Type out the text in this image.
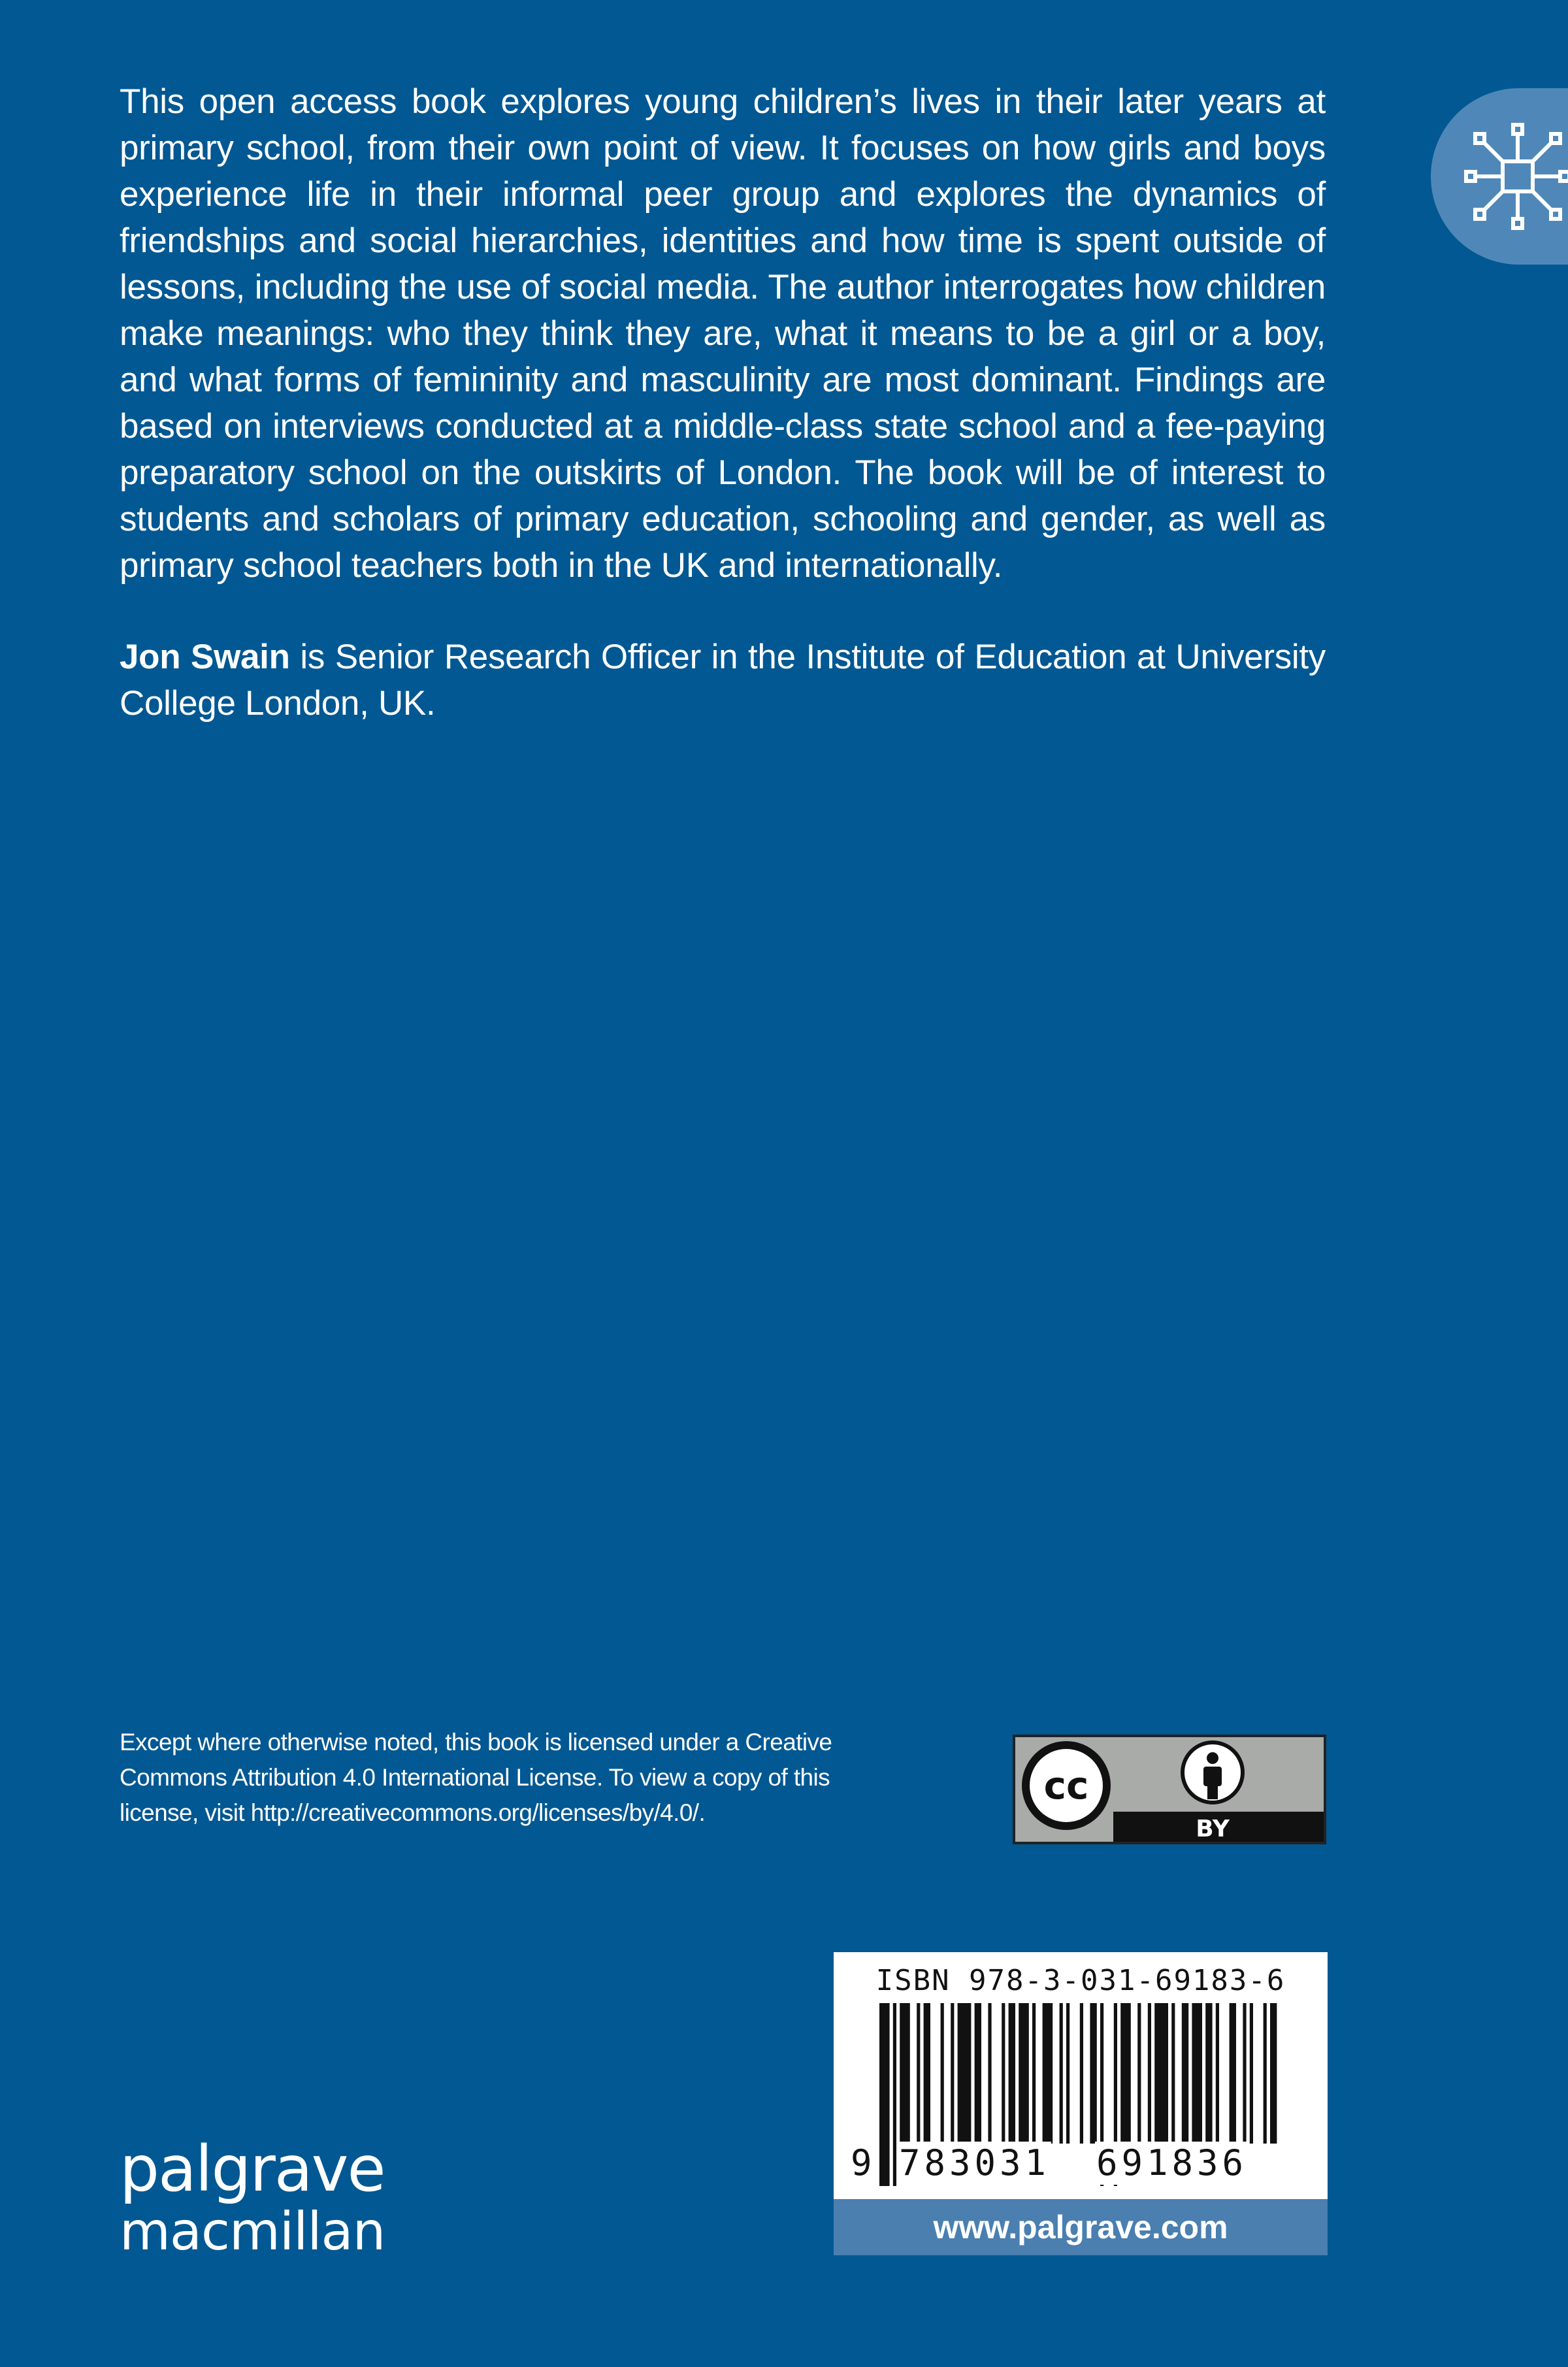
This open access book explores young children’s lives in their later years at primary school, from their own point of view. It focuses on how girls and boys experience life in their informal peer group and explores the dynamics of friendships and social hierarchies, identities and how time is spent outside of lessons, including the use of social media. The author interrogates how children make meanings: who they think they are, what it means to be a girl or a boy, and what forms of femininity and masculinity are most dominant. Findings are based on interviews conducted at a middle-class state school and a fee-paying preparatory school on the outskirts of London. The book will be of interest to students and scholars of primary education, schooling and gender, as well as primary school teachers both in the UK and internationally.

Jon Swain is Senior Research Officer in the Institute of Education at University College London, UK.

Except where otherwise noted, this book is licensed under a Creative Commons Attribution 4.0 International License. To view a copy of this license, visit http://creativecommons.org/licenses/by/4.0/.

cc
BY
ISBN 978-3-031-69183-6
9 783031 691836
www.palgrave.com
palgrave
macmillan
